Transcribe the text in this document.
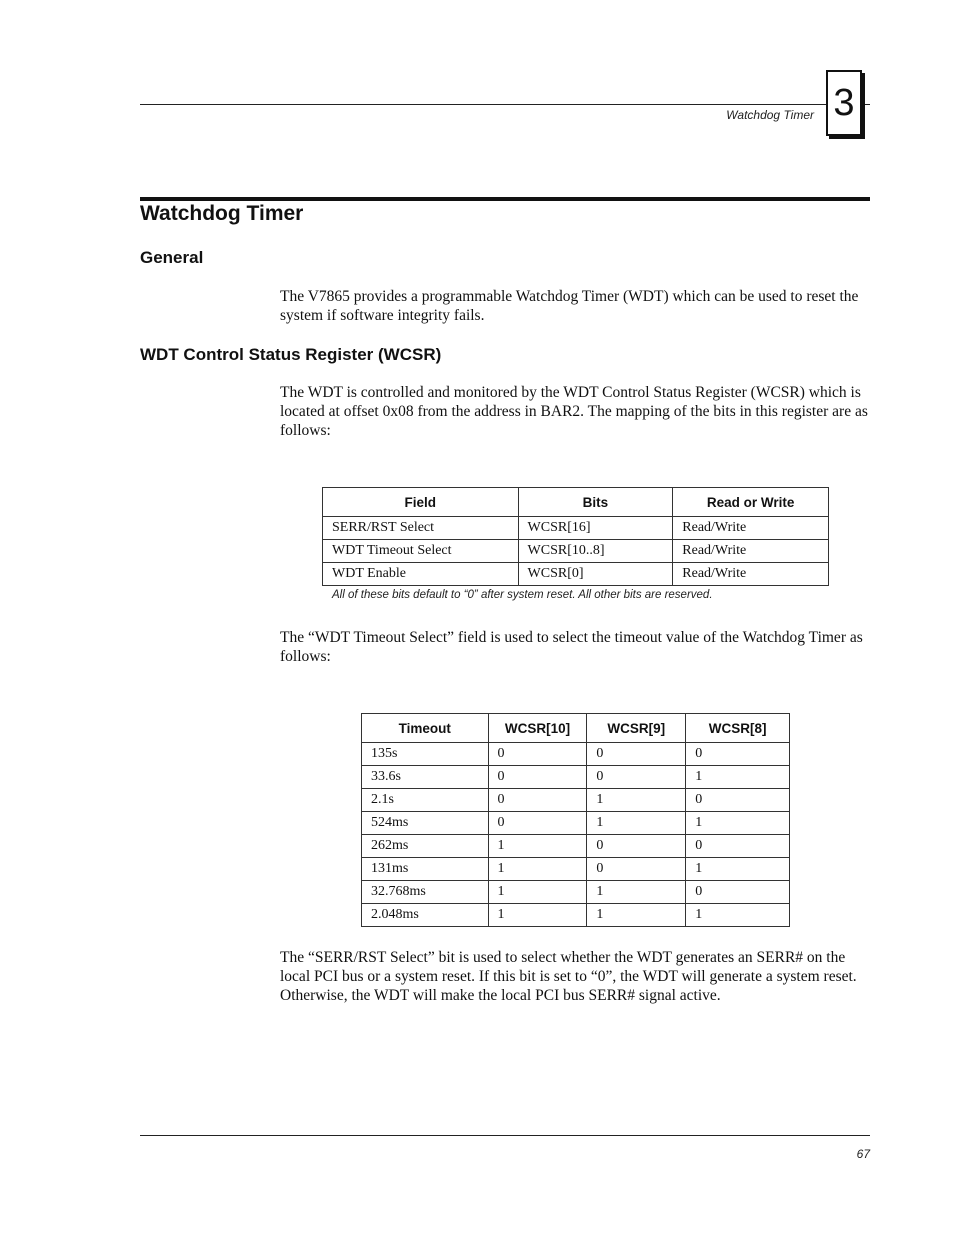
Watchdog Timer 3
Watchdog Timer
General
The V7865 provides a programmable Watchdog Timer (WDT) which can be used to reset the system if software integrity fails.
WDT Control Status Register (WCSR)
The WDT is controlled and monitored by the WDT Control Status Register (WCSR) which is located at offset 0x08 from the address in BAR2. The mapping of the bits in this register are as follows:
Field	Bits	Read or Write
SERR/RST Select	WCSR[16]	Read/Write
WDT Timeout Select	WCSR[10..8]	Read/Write
WDT Enable	WCSR[0]	Read/Write
All of these bits default to “0” after system reset. All other bits are reserved.
The “WDT Timeout Select” field is used to select the timeout value of the Watchdog Timer as follows:
Timeout	WCSR[10]	WCSR[9]	WCSR[8]
135s	0	0	0
33.6s	0	0	1
2.1s	0	1	0
524ms	0	1	1
262ms	1	0	0
131ms	1	0	1
32.768ms	1	1	0
2.048ms	1	1	1
The “SERR/RST Select” bit is used to select whether the WDT generates an SERR# on the local PCI bus or a system reset. If this bit is set to “0”, the WDT will generate a system reset. Otherwise, the WDT will make the local PCI bus SERR# signal active.
67
